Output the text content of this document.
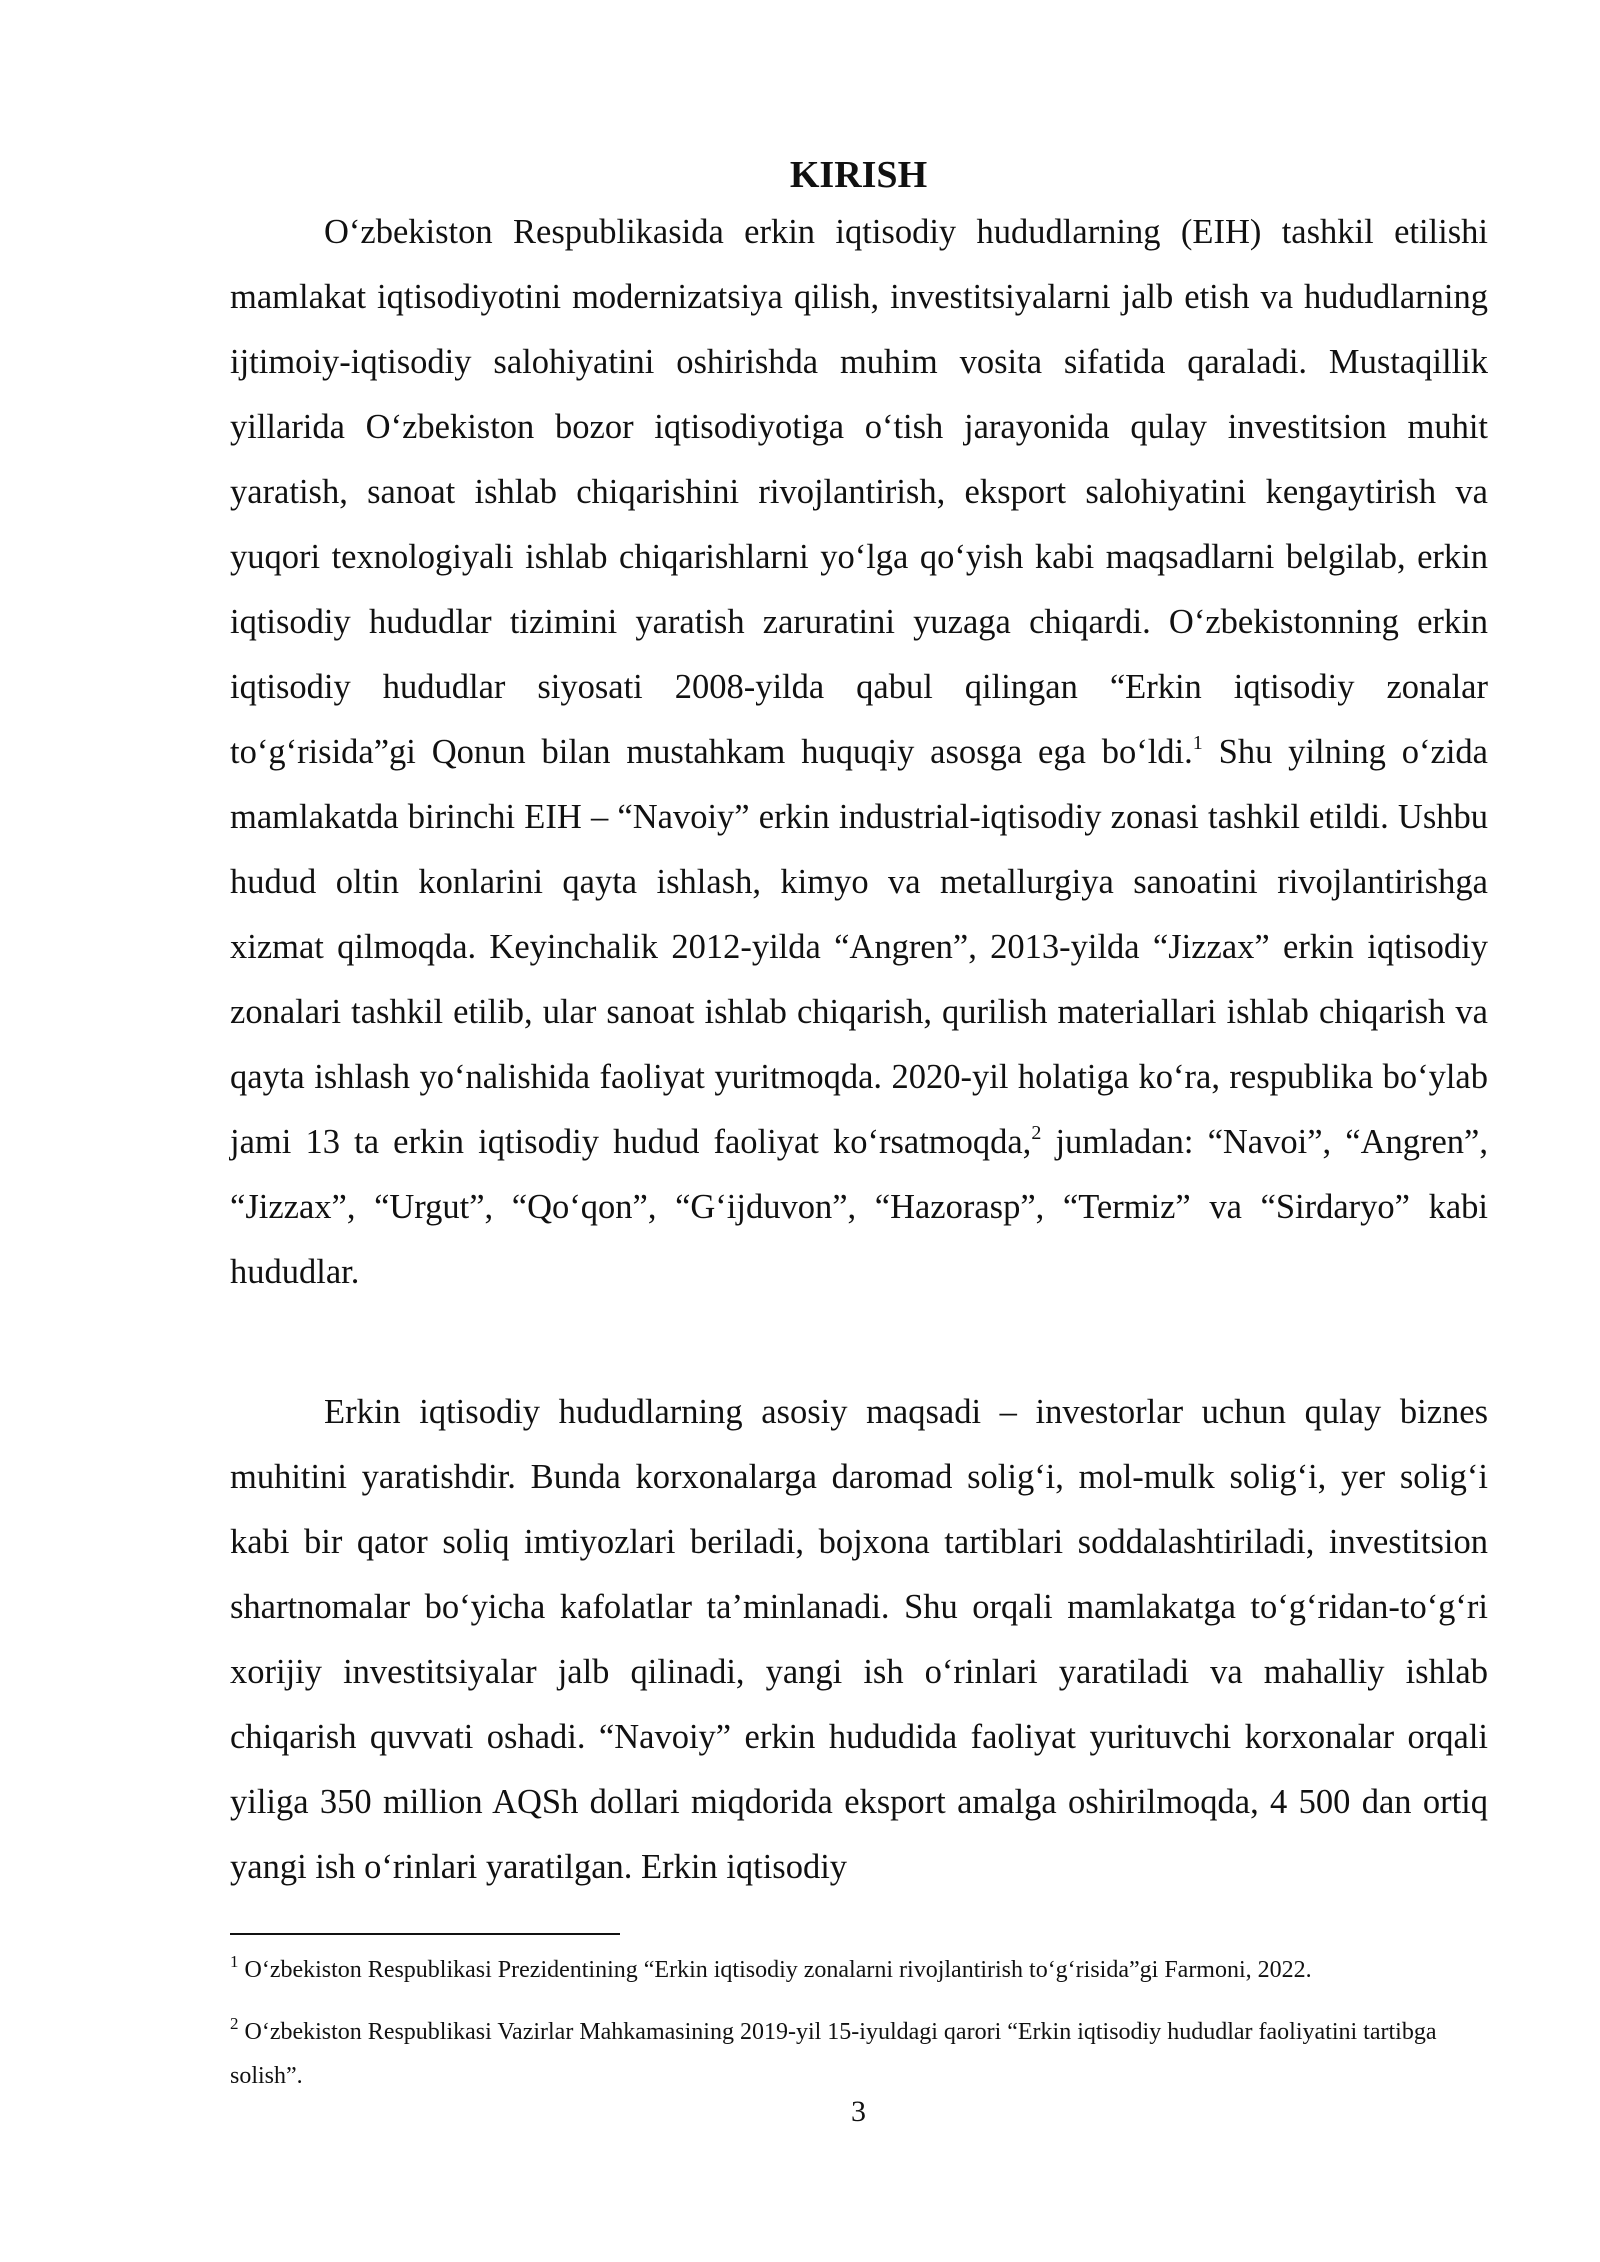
KIRISH

O‘zbekiston Respublikasida erkin iqtisodiy hududlarning (EIH) tashkil etilishi mamlakat iqtisodiyotini modernizatsiya qilish, investitsiyalarni jalb etish va hududlarning ijtimoiy-iqtisodiy salohiyatini oshirishda muhim vosita sifatida qaraladi. Mustaqillik yillarida O‘zbekiston bozor iqtisodiyotiga o‘tish jarayonida qulay investitsion muhit yaratish, sanoat ishlab chiqarishini rivojlantirish, eksport salohiyatini kengaytirish va yuqori texnologiyali ishlab chiqarishlarni yo‘lga qo‘yish kabi maqsadlarni belgilab, erkin iqtisodiy hududlar tizimini yaratish zaruratini yuzaga chiqardi. O‘zbekistonning erkin iqtisodiy hududlar siyosati 2008-yilda qabul qilingan “Erkin iqtisodiy zonalar to‘g‘risida”gi Qonun bilan mustahkam huquqiy asosga ega bo‘ldi.$^1$ Shu yilning o‘zida mamlakatda birinchi EIH – “Navoiy” erkin industrial-iqtisodiy zonasi tashkil etildi. Ushbu hudud oltin konlarini qayta ishlash, kimyo va metallurgiya sanoatini rivojlantirishga xizmat qilmoqda. Keyinchalik 2012-yilda “Angren”, 2013-yilda “Jizzax” erkin iqtisodiy zonalari tashkil etilib, ular sanoat ishlab chiqarish, qurilish materiallari ishlab chiqarish va qayta ishlash yo‘nalishida faoliyat yuritmoqda. 2020-yil holatiga ko‘ra, respublika bo‘ylab jami 13 ta erkin iqtisodiy hudud faoliyat ko‘rsatmoqda,$^2$ jumladan: “Navoi”, “Angren”, “Jizzax”, “Urgut”, “Qo‘qon”, “G‘ijduvon”, “Hazorasp”, “Termiz” va “Sirdaryo” kabi hududlar.

Erkin iqtisodiy hududlarning asosiy maqsadi – investorlar uchun qulay biznes muhitini yaratishdir. Bunda korxonalarga daromad solig‘i, mol-mulk solig‘i, yer solig‘i kabi bir qator soliq imtiyozlari beriladi, bojxona tartiblari soddalashtiriladi, investitsion shartnomalar bo‘yicha kafolatlar ta’minlanadi. Shu orqali mamlakatga to‘g‘ridan-to‘g‘ri xorijiy investitsiyalar jalb qilinadi, yangi ish o‘rinlari yaratiladi va mahalliy ishlab chiqarish quvvati oshadi. “Navoiy” erkin hududida faoliyat yurituvchi korxonalar orqali yiliga 350 million AQSh dollari miqdorida eksport amalga oshirilmoqda, 4 500 dan ortiq yangi ish o‘rinlari yaratilgan. Erkin iqtisodiy

$^1$ O‘zbekiston Respublikasi Prezidentining “Erkin iqtisodiy zonalarni rivojlantirish to‘g‘risida”gi Farmoni, 2022.

$^2$ O‘zbekiston Respublikasi Vazirlar Mahkamasining 2019-yil 15-iyuldagi qarori “Erkin iqtisodiy hududlar faoliyatini tartibga solish”.

3
